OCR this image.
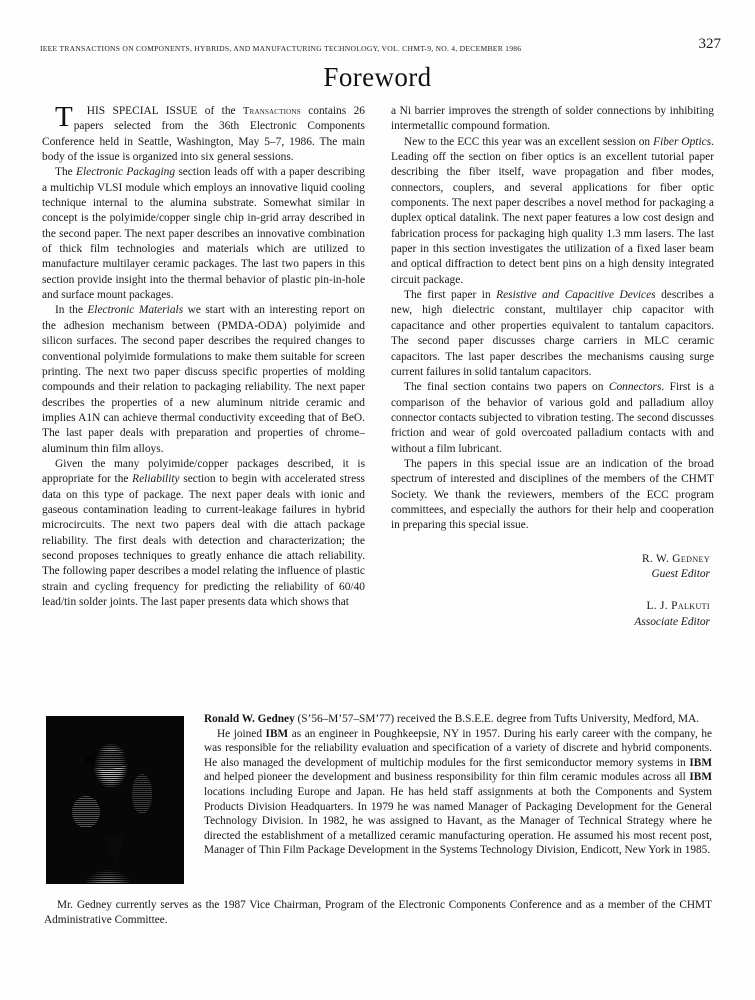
IEEE TRANSACTIONS ON COMPONENTS, HYBRIDS, AND MANUFACTURING TECHNOLOGY, VOL. CHMT-9, NO. 4, DECEMBER 1986	327
Foreword

T HIS SPECIAL ISSUE of the Transactions contains 26 papers selected from the 36th Electronic Components Conference held in Seattle, Washington, May 5–7, 1986. The main body of the issue is organized into six general sessions.

The Electronic Packaging section leads off with a paper describing a multichip VLSI module which employs an innovative liquid cooling technique internal to the alumina substrate. Somewhat similar in concept is the polyimide/copper single chip in-grid array described in the second paper. The next paper describes an innovative combination of thick film technologies and materials which are utilized to manufacture multilayer ceramic packages. The last two papers in this section provide insight into the thermal behavior of plastic pin-in-hole and surface mount packages.

In the Electronic Materials we start with an interesting report on the adhesion mechanism between (PMDA-ODA) polyimide and silicon surfaces. The second paper describes the required changes to conventional polyimide formulations to make them suitable for screen printing. The next two paper discuss specific properties of molding compounds and their relation to packaging reliability. The next paper describes the properties of a new aluminum nitride ceramic and implies A1N can achieve thermal conductivity exceeding that of BeO. The last paper deals with preparation and properties of chrome–aluminum thin film alloys.

Given the many polyimide/copper packages described, it is appropriate for the Reliability section to begin with accelerated stress data on this type of package. The next paper deals with ionic and gaseous contamination leading to current-leakage failures in hybrid microcircuits. The next two papers deal with die attach package reliability. The first deals with detection and characterization; the second proposes techniques to greatly enhance die attach reliability. The following paper describes a model relating the influence of plastic strain and cycling frequency for predicting the reliability of 60/40 lead/tin solder joints. The last paper presents data which shows that

a Ni barrier improves the strength of solder connections by inhibiting intermetallic compound formation.

New to the ECC this year was an excellent session on Fiber Optics. Leading off the section on fiber optics is an excellent tutorial paper describing the fiber itself, wave propagation and fiber modes, connectors, couplers, and several applications for fiber optic components. The next paper describes a novel method for packaging a duplex optical datalink. The next paper features a low cost design and fabrication process for packaging high quality 1.3 mm lasers. The last paper in this section investigates the utilization of a fixed laser beam and optical diffraction to detect bent pins on a high density integrated circuit package.

The first paper in Resistive and Capacitive Devices describes a new, high dielectric constant, multilayer chip capacitor with capacitance and other properties equivalent to tantalum capacitors. The second paper discusses charge carriers in MLC ceramic capacitors. The last paper describes the mechanisms causing surge current failures in solid tantalum capacitors.

The final section contains two papers on Connectors. First is a comparison of the behavior of various gold and palladium alloy connector contacts subjected to vibration testing. The second discusses friction and wear of gold overcoated palladium contacts with and without a film lubricant.

The papers in this special issue are an indication of the broad spectrum of interested and disciplines of the members of the CHMT Society. We thank the reviewers, members of the ECC program committees, and especially the authors for their help and cooperation in preparing this special issue.

R. W. Gedney
Guest Editor
L. J. Palkuti
Associate Editor

Ronald W. Gedney (S’56–M’57–SM’77) received the B.S.E.E. degree from Tufts University, Medford, MA.

He joined IBM as an engineer in Poughkeepsie, NY in 1957. During his early career with the company, he was responsible for the reliability evaluation and specification of a variety of discrete and hybrid components. He also managed the development of multichip modules for the first semiconductor memory systems in IBM and helped pioneer the development and business responsibility for thin film ceramic modules across all IBM locations including Europe and Japan. He has held staff assignments at both the Components and System Products Division Headquarters. In 1979 he was named Manager of Packaging Development for the General Technology Division. In 1982, he was assigned to Havant, as the Manager of Technical Strategy where he directed the establishment of a metallized ceramic manufacturing operation. He assumed his most recent post, Manager of Thin Film Package Development in the Systems Technology Division, Endicott, New York in 1985.

Mr. Gedney currently serves as the 1987 Vice Chairman, Program of the Electronic Components Conference and as a member of the CHMT Administrative Committee.
